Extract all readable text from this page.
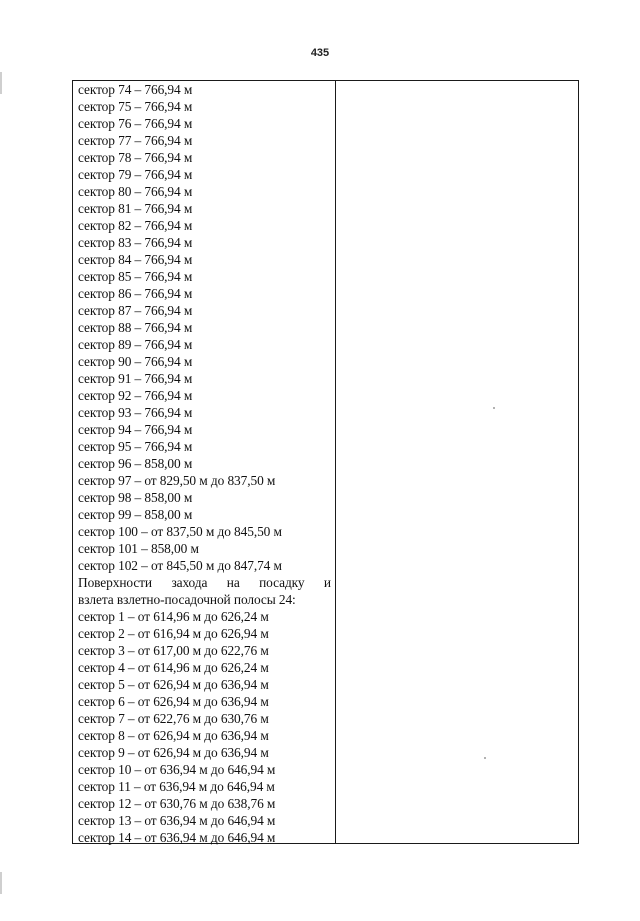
435
сектор 74 – 766,94 м
сектор 75 – 766,94 м
сектор 76 – 766,94 м
сектор 77 – 766,94 м
сектор 78 – 766,94 м
сектор 79 – 766,94 м
сектор 80 – 766,94 м
сектор 81 – 766,94 м
сектор 82 – 766,94 м
сектор 83 – 766,94 м
сектор 84 – 766,94 м
сектор 85 – 766,94 м
сектор 86 – 766,94 м
сектор 87 – 766,94 м
сектор 88 – 766,94 м
сектор 89 – 766,94 м
сектор 90 – 766,94 м
сектор 91 – 766,94 м
сектор 92 – 766,94 м
сектор 93 – 766,94 м
сектор 94 – 766,94 м
сектор 95 – 766,94 м
сектор 96 – 858,00 м
сектор 97 – от 829,50 м до 837,50 м
сектор 98 – 858,00 м
сектор 99 – 858,00 м
сектор 100 – от 837,50 м до 845,50 м
сектор 101 – 858,00 м
сектор 102 – от 845,50 м до 847,74 м
Поверхности захода на посадку и
взлета взлетно-посадочной полосы 24:
сектор 1 – от 614,96 м до 626,24 м
сектор 2 – от 616,94 м до 626,94 м
сектор 3 – от 617,00 м до 622,76 м
сектор 4 – от 614,96 м до 626,24 м
сектор 5 – от 626,94 м до 636,94 м
сектор 6 – от 626,94 м до 636,94 м
сектор 7 – от 622,76 м до 630,76 м
сектор 8 – от 626,94 м до 636,94 м
сектор 9 – от 626,94 м до 636,94 м
сектор 10 – от 636,94 м до 646,94 м
сектор 11 – от 636,94 м до 646,94 м
сектор 12 – от 630,76 м до 638,76 м
сектор 13 – от 636,94 м до 646,94 м
сектор 14 – от 636,94 м до 646,94 м
